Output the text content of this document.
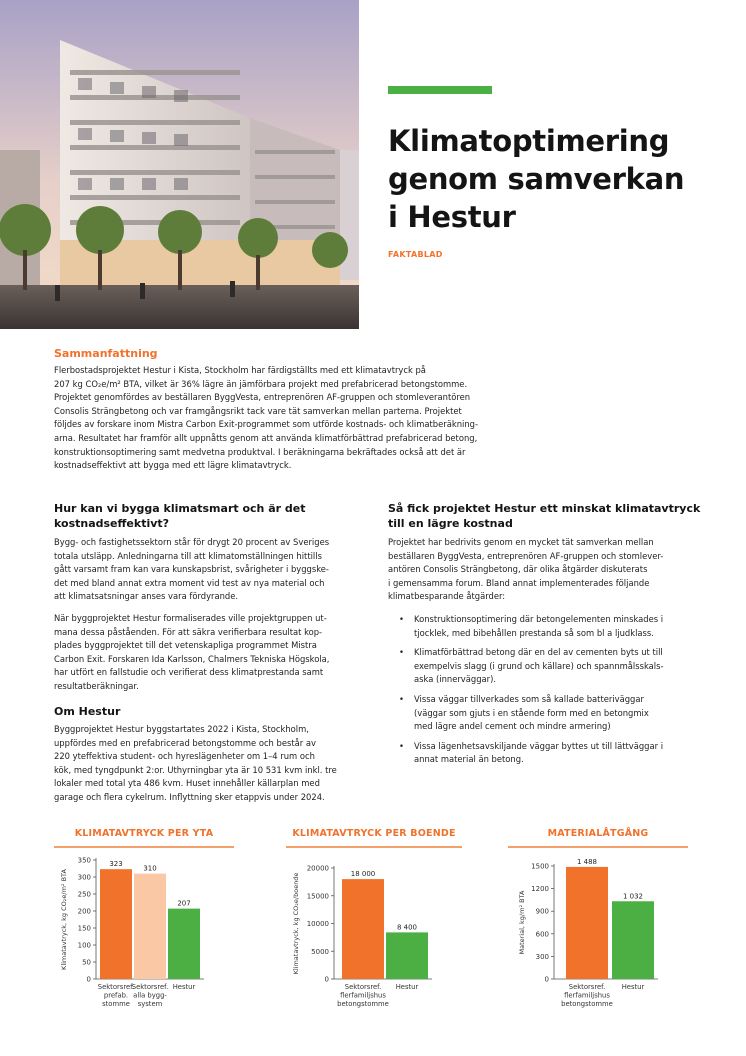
Klimatoptimering
genom samverkan
i Hestur
FAKTABLAD
Sammanfattning

Flerbostadsprojektet Hestur i Kista, Stockholm har färdigställts med ett klimatavtryck på
207 kg CO₂e/m² BTA, vilket är 36% lägre än jämförbara projekt med prefabricerad betongstomme.
Projektet genomfördes av beställaren ByggVesta, entreprenören AF-gruppen och stomleverantören
Consolis Strängbetong och var framgångsrikt tack vare tät samverkan mellan parterna. Projektet
följdes av forskare inom Mistra Carbon Exit-programmet som utförde kostnads- och klimatberäkning-
arna. Resultatet har framför allt uppnåtts genom att använda klimatförbättrad prefabricerad betong,
konstruktionsoptimering samt medvetna produktval. I beräkningarna bekräftades också att det är
kostnadseffektivt att bygga med ett lägre klimatavtryck.

Hur kan vi bygga klimatsmart och är det
kostnadseffektivt?

Bygg- och fastighetssektorn står för drygt 20 procent av Sveriges
totala utsläpp. Anledningarna till att klimatomställningen hittills
gått varsamt fram kan vara kunskapsbrist, svårigheter i byggske-
det med bland annat extra moment vid test av nya material och
att klimatsatsningar anses vara fördyrande.

När byggprojektet Hestur formaliserades ville projektgruppen ut-
mana dessa påståenden. För att säkra verifierbara resultat kop-
plades byggprojektet till det vetenskapliga programmet Mistra
Carbon Exit. Forskaren Ida Karlsson, Chalmers Tekniska Högskola,
har utfört en fallstudie och verifierat dess klimatprestanda samt
resultatberäkningar.

Om Hestur

Byggprojektet Hestur byggstartates 2022 i Kista, Stockholm,
uppfördes med en prefabricerad betongstomme och består av
220 yteffektiva student- och hyreslägenheter om 1–4 rum och
kök, med tyngdpunkt 2:or. Uthyrningbar yta är 10 531 kvm inkl. tre
lokaler med total yta 486 kvm. Huset innehåller källarplan med
garage och flera cykelrum. Inflyttning sker etappvis under 2024.

Så fick projektet Hestur ett minskat klimatavtryck
till en lägre kostnad

Projektet har bedrivits genom en mycket tät samverkan mellan
beställaren ByggVesta, entreprenören AF-gruppen och stomlever-
antören Consolis Strängbetong, där olika åtgärder diskuterats
i gemensamma forum. Bland annat implementerades följande
klimatbesparande åtgärder:

• Konstruktionsoptimering där betongelementen minskades i
tjocklek, med bibehållen prestanda så som bl a ljudklass.
• Klimatförbättrad betong där en del av cementen byts ut till
exempelvis slagg (i grund och källare) och spannmålsskals-
aska (innerväggar).
• Vissa väggar tillverkades som så kallade batteriväggar
(väggar som gjuts i en stående form med en betongmix
med lägre andel cement och mindre armering)
• Vissa lägenhetsavskiljande väggar byttes ut till lättväggar i
annat material än betong.
KLIMATAVTRYCK PER YTA
0
50
100
150
200
250
300
350
Klimatavtryck, kg CO₂e/m² BTA
323
Sektorsref.
prefab.
stomme
310
Sektorsref.
alla bygg-
system
207
Hestur
KLIMATAVTRYCK PER BOENDE
0
5000
10000
15000
20000
Klimatavtryck, kg CO₂e/boende	18 000
Sektorsref.
flerfamiljshus
betongstomme
8 400
Hestur
MATERIALÅTGÅNG
0
300
600
900
1200
1500
Material, kg/m² BTA
1 488
Sektorsref.
flerfamiljshus
betongstomme
1 032
Hestur
